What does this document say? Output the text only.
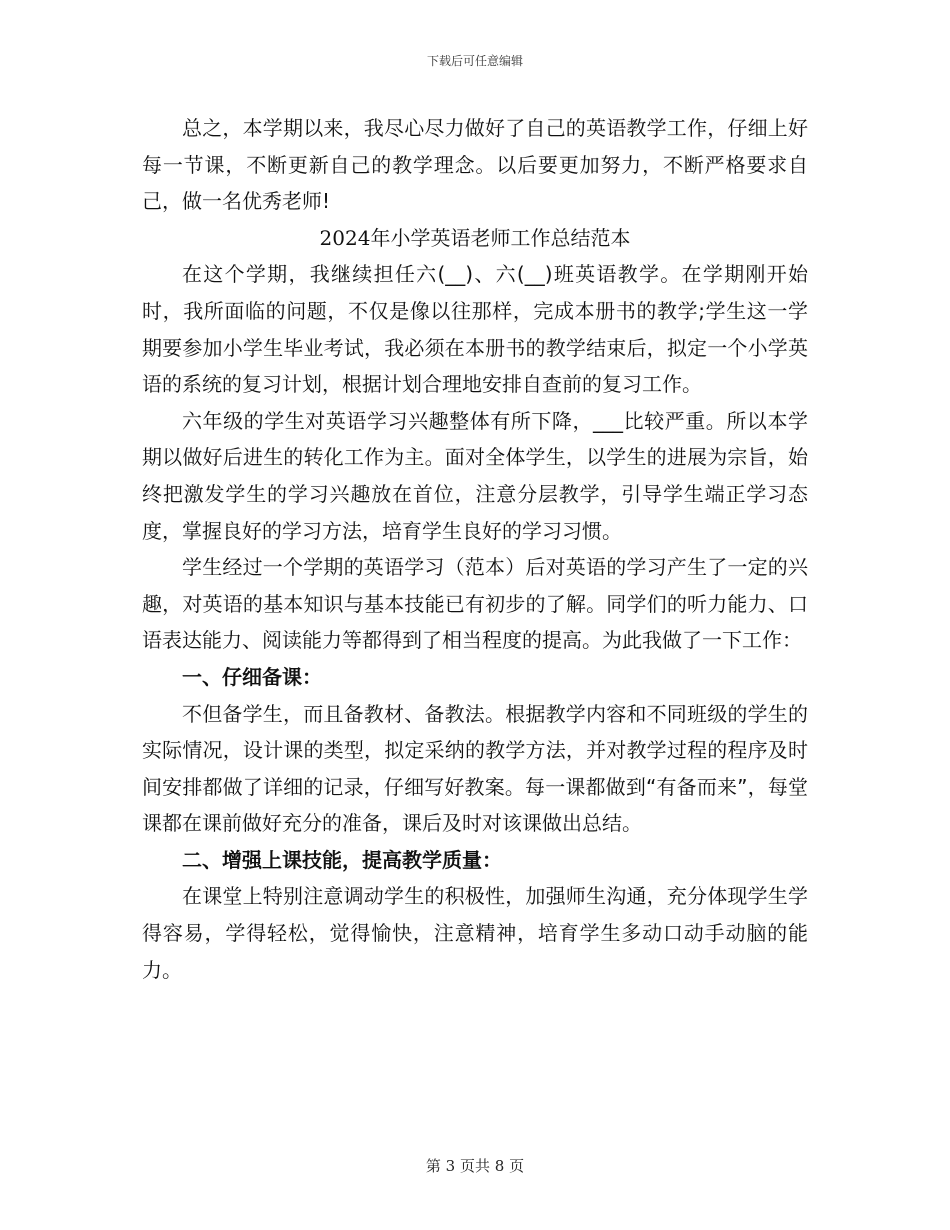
下载后可任意编辑

总之，本学期以来，我尽心尽力做好了自己的英语教学工作，仔细上好每一节课，不断更新自己的教学理念。以后要更加努力，不断严格要求自己，做一名优秀老师!

2024年小学英语老师工作总结范本

在这个学期，我继续担任六(__)、六(__)班英语教学。在学期刚开始时，我所面临的问题，不仅是像以往那样，完成本册书的教学;学生这一学期要参加小学生毕业考试，我必须在本册书的教学结束后，拟定一个小学英语的系统的复习计划，根据计划合理地安排自查前的复习工作。

六年级的学生对英语学习兴趣整体有所下降，___比较严重。所以本学期以做好后进生的转化工作为主。面对全体学生，以学生的进展为宗旨，始终把激发学生的学习兴趣放在首位，注意分层教学，引导学生端正学习态度，掌握良好的学习方法，培育学生良好的学习习惯。

学生经过一个学期的英语学习（范本）后对英语的学习产生了一定的兴趣，对英语的基本知识与基本技能已有初步的了解。同学们的听力能力、口语表达能力、阅读能力等都得到了相当程度的提高。为此我做了一下工作：

一、仔细备课：

不但备学生，而且备教材、备教法。根据教学内容和不同班级的学生的实际情况，设计课的类型，拟定采纳的教学方法，并对教学过程的程序及时间安排都做了详细的记录，仔细写好教案。每一课都做到“有备而来”，每堂课都在课前做好充分的准备，课后及时对该课做出总结。

二、增强上课技能，提高教学质量：

在课堂上特别注意调动学生的积极性，加强师生沟通，充分体现学生学得容易，学得轻松，觉得愉快，注意精神，培育学生多动口动手动脑的能力。

第 3 页共 8 页
